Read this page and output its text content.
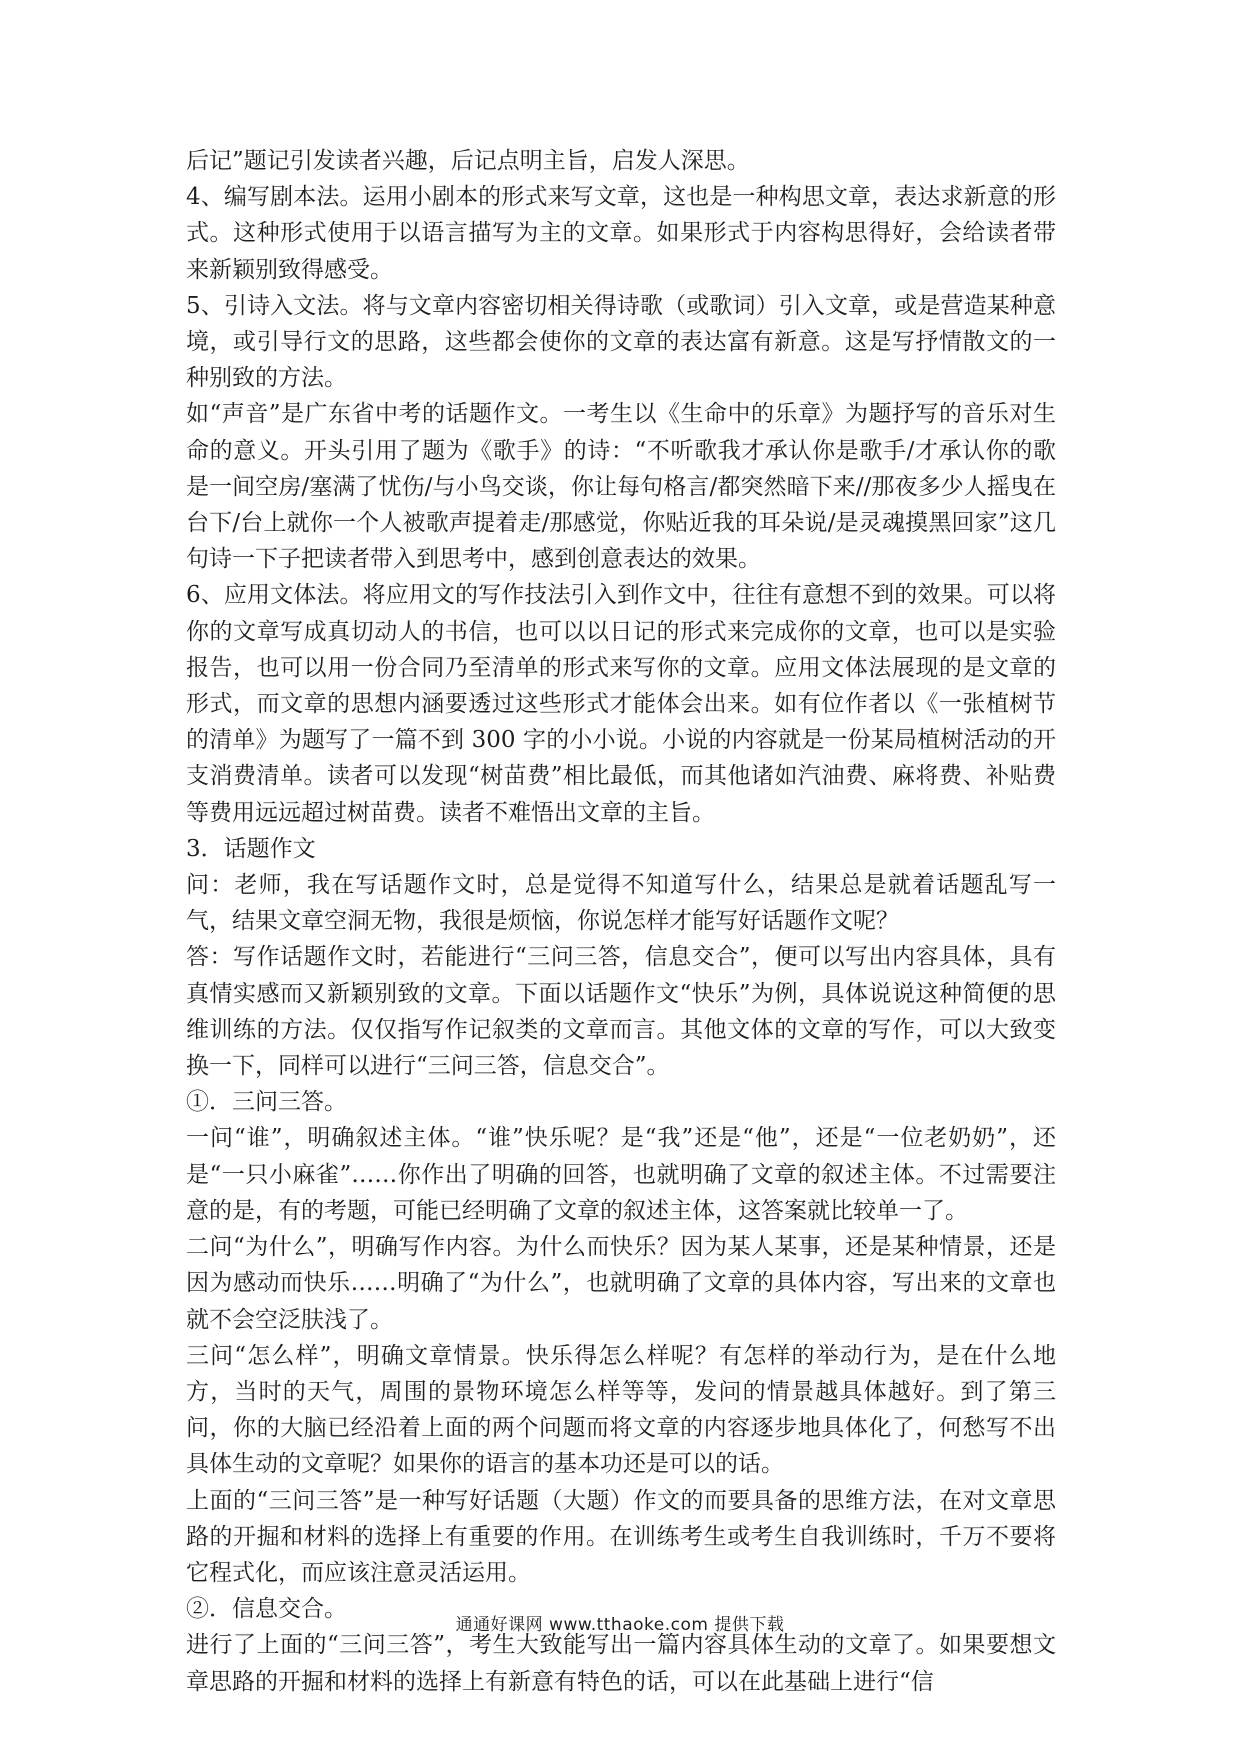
后记”题记引发读者兴趣，后记点明主旨，启发人深思。

4、编写剧本法。运用小剧本的形式来写文章，这也是一种构思文章，表达求新意的形式。这种形式使用于以语言描写为主的文章。如果形式于内容构思得好，会给读者带来新颖别致得感受。

5、引诗入文法。将与文章内容密切相关得诗歌（或歌词）引入文章，或是营造某种意境，或引导行文的思路，这些都会使你的文章的表达富有新意。这是写抒情散文的一种别致的方法。

如“声音”是广东省中考的话题作文。一考生以《生命中的乐章》为题抒写的音乐对生命的意义。开头引用了题为《歌手》的诗：“不听歌我才承认你是歌手/才承认你的歌是一间空房/塞满了忧伤/与小鸟交谈，你让每句格言/都突然暗下来//那夜多少人摇曳在台下/台上就你一个人被歌声提着走/那感觉，你贴近我的耳朵说/是灵魂摸黑回家”这几句诗一下子把读者带入到思考中，感到创意表达的效果。

6、应用文体法。将应用文的写作技法引入到作文中，往往有意想不到的效果。可以将你的文章写成真切动人的书信，也可以以日记的形式来完成你的文章，也可以是实验报告，也可以用一份合同乃至清单的形式来写你的文章。应用文体法展现的是文章的形式，而文章的思想内涵要透过这些形式才能体会出来。如有位作者以《一张植树节的清单》为题写了一篇不到 300 字的小小说。小说的内容就是一份某局植树活动的开支消费清单。读者可以发现“树苗费”相比最低，而其他诸如汽油费、麻将费、补贴费等费用远远超过树苗费。读者不难悟出文章的主旨。

3．话题作文

问：老师，我在写话题作文时，总是觉得不知道写什么，结果总是就着话题乱写一气，结果文章空洞无物，我很是烦恼，你说怎样才能写好话题作文呢？

答：写作话题作文时，若能进行“三问三答，信息交合”，便可以写出内容具体，具有真情实感而又新颖别致的文章。下面以话题作文“快乐”为例，具体说说这种简便的思维训练的方法。仅仅指写作记叙类的文章而言。其他文体的文章的写作，可以大致变换一下，同样可以进行“三问三答，信息交合”。

①．三问三答。

一问“谁”，明确叙述主体。“谁”快乐呢？是“我”还是“他”，还是“一位老奶奶”，还是“一只小麻雀”……你作出了明确的回答，也就明确了文章的叙述主体。不过需要注意的是，有的考题，可能已经明确了文章的叙述主体，这答案就比较单一了。

二问“为什么”，明确写作内容。为什么而快乐？因为某人某事，还是某种情景，还是因为感动而快乐……明确了“为什么”，也就明确了文章的具体内容，写出来的文章也就不会空泛肤浅了。

三问“怎么样”，明确文章情景。快乐得怎么样呢？有怎样的举动行为，是在什么地方，当时的天气，周围的景物环境怎么样等等，发问的情景越具体越好。到了第三问，你的大脑已经沿着上面的两个问题而将文章的内容逐步地具体化了，何愁写不出具体生动的文章呢？如果你的语言的基本功还是可以的话。

上面的“三问三答”是一种写好话题（大题）作文的而要具备的思维方法，在对文章思路的开掘和材料的选择上有重要的作用。在训练考生或考生自我训练时，千万不要将它程式化，而应该注意灵活运用。

②．信息交合。

进行了上面的“三问三答”，考生大致能写出一篇内容具体生动的文章了。如果要想文章思路的开掘和材料的选择上有新意有特色的话，可以在此基础上进行“信

通通好课网 www.tthaoke.com 提供下载
